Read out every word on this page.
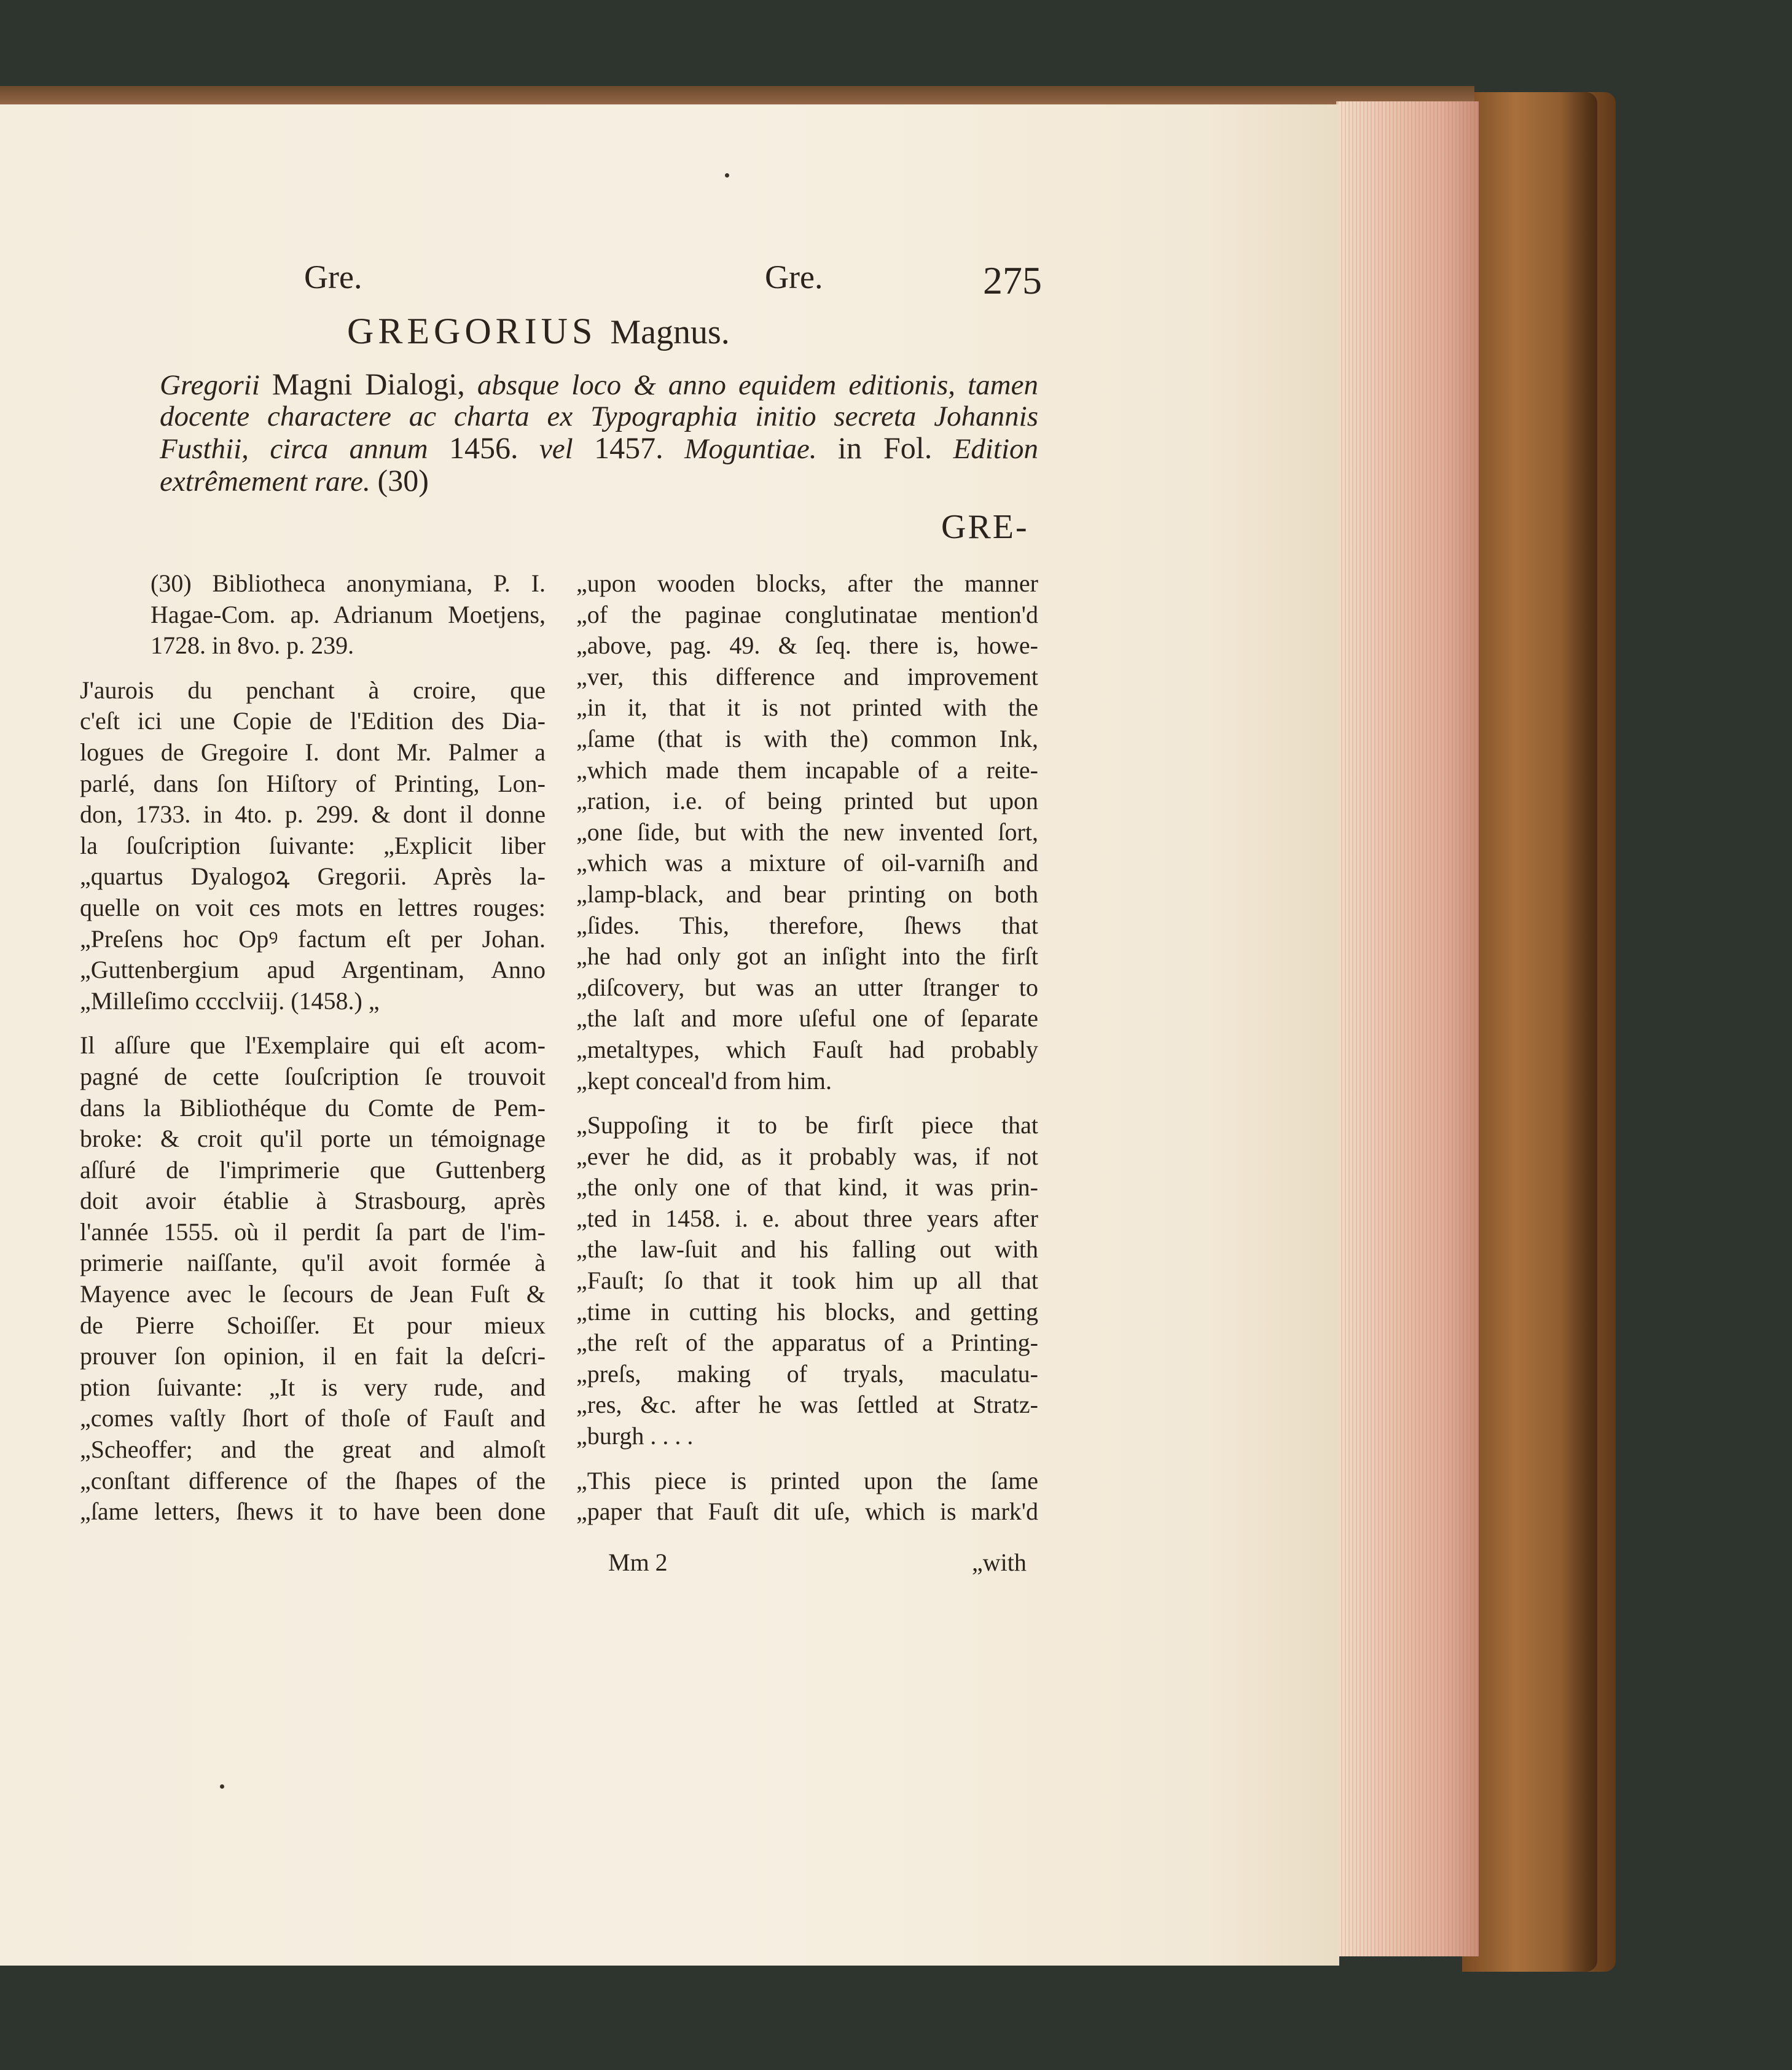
Gre.	Gre.	275
GREGORIUS Magnus.
Gregorii Magni Dialogi, absque loco & anno equidem editionis, tamen docente charactere ac charta ex Typographia initio secreta Johannis Fusthii, circa annum 1456. vel 1457. Moguntiae. in Fol. Edition extrêmement rare. (30)
GRE-

(30) Bibliotheca anonymiana, P. I.
Hagae-Com. ap. Adrianum Moetjens,
1728. in 8vo. p. 239.

J'aurois du penchant à croire, que
c'eſt ici une Copie de l'Edition des Dia-
logues de Gregoire I. dont Mr. Palmer a
parlé, dans ſon Hiſtory of Printing, Lon-
don, 1733. in 4to. p. 299. & dont il donne
la ſouſcription ſuivante: „Explicit liber
„quartus Dyalogoꝝ Gregorii. Après la-
quelle on voit ces mots en lettres rouges:
„Preſens hoc Opꝰ factum eſt per Johan.
„Guttenbergium apud Argentinam, Anno
„Milleſimo cccclviij. (1458.) „

Il aſſure que l'Exemplaire qui eſt acom-
pagné de cette ſouſcription ſe trouvoit
dans la Bibliothéque du Comte de Pem-
broke: & croit qu'il porte un témoignage
aſſuré de l'imprimerie que Guttenberg
doit avoir établie à Strasbourg, après
l'année 1555. où il perdit ſa part de l'im-
primerie naiſſante, qu'il avoit formée à
Mayence avec le ſecours de Jean Fuſt &
de Pierre Schoiſſer. Et pour mieux
prouver ſon opinion, il en fait la deſcri-
ption ſuivante: „It is very rude, and
„comes vaſtly ſhort of thoſe of Fauſt and
„Scheoffer; and the great and almoſt
„conſtant difference of the ſhapes of the
„ſame letters, ſhews it to have been done

„upon wooden blocks, after the manner
„of the paginae conglutinatae mention'd
„above, pag. 49. & ſeq. there is, howe-
„ver, this difference and improvement
„in it, that it is not printed with the
„ſame (that is with the) common Ink,
„which made them incapable of a reite-
„ration, i.e. of being printed but upon
„one ſide, but with the new invented ſort,
„which was a mixture of oil-varniſh and
„lamp-black, and bear printing on both
„ſides. This, therefore, ſhews that
„he had only got an inſight into the firſt
„diſcovery, but was an utter ſtranger to
„the laſt and more uſeful one of ſeparate
„metaltypes, which Fauſt had probably
„kept conceal'd from him.

„Suppoſing it to be firſt piece that
„ever he did, as it probably was, if not
„the only one of that kind, it was prin-
„ted in 1458. i. e. about three years after
„the law-ſuit and his falling out with
„Fauſt; ſo that it took him up all that
„time in cutting his blocks, and getting
„the reſt of the apparatus of a Printing-
„preſs, making of tryals, maculatu-
„res, &c. after he was ſettled at Stratz-
„burgh . . . .

„This piece is printed upon the ſame
„paper that Fauſt dit uſe, which is mark'd

Mm 2	„with
